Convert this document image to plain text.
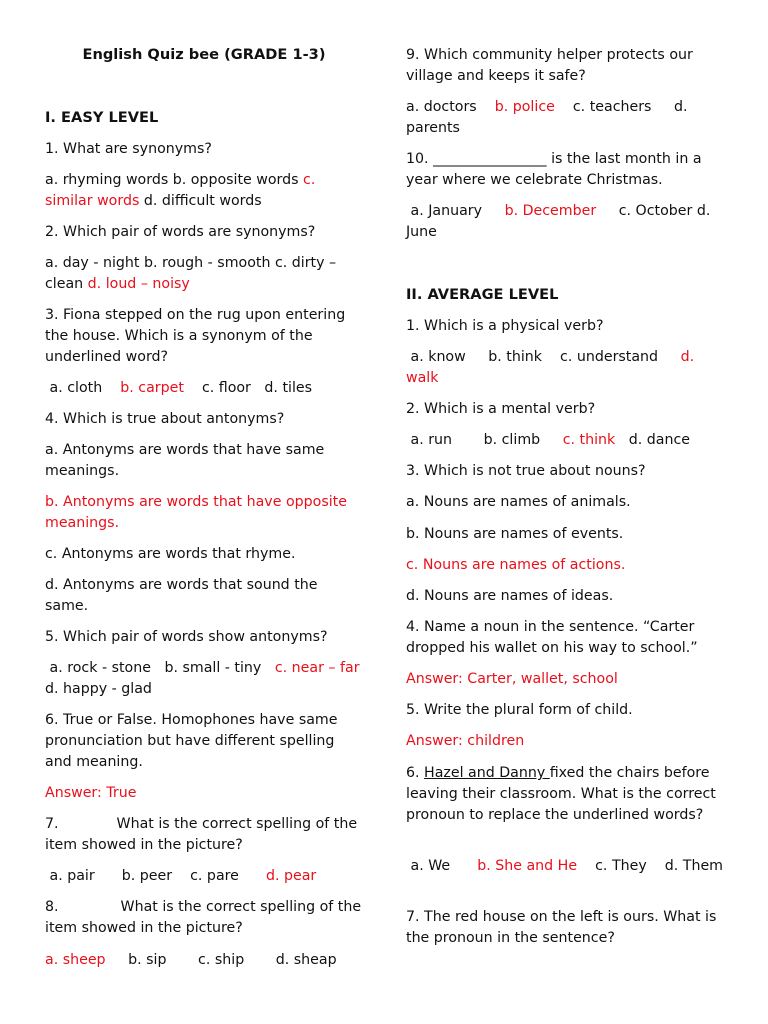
English Quiz bee (GRADE 1-3)

I. EASY LEVEL

1. What are synonyms?

a. rhyming words b. opposite words c. similar words d. difficult words

2. Which pair of words are synonyms?

a. day - night b. rough - smooth c. dirty – clean d. loud – noisy

3. Fiona stepped on the rug upon entering the house. Which is a synonym of the underlined word?

a. cloth    b. carpet    c. floor   d. tiles

4. Which is true about antonyms?

a. Antonyms are words that have same meanings.

b. Antonyms are words that have opposite meanings.

c. Antonyms are words that rhyme.

d. Antonyms are words that sound the same.

5. Which pair of words show antonyms?

a. rock - stone   b. small - tiny   c. near – far   d. happy - glad

6. True or False. Homophones have same pronunciation but have different spelling and meaning.

Answer: True

7.	What is the correct spelling of the item showed in the picture?

a. pair      b. peer    c. pare      d. pear

8.	What is the correct spelling of the item showed in the picture?

a. sheep     b. sip       c. ship       d. sheap

9. Which community helper protects our village and keeps it safe?

a. doctors    b. police    c. teachers     d. parents

10. ________________ is the last month in a year where we celebrate Christmas.

a. January     b. December     c. October d. June

II. AVERAGE LEVEL

1. Which is a physical verb?

a. know     b. think    c. understand     d. walk

2. Which is a mental verb?

a. run       b. climb     c. think   d. dance

3. Which is not true about nouns?

a. Nouns are names of animals.

b. Nouns are names of events.

c. Nouns are names of actions.

d. Nouns are names of ideas.

4. Name a noun in the sentence. “Carter dropped his wallet on his way to school.”

Answer: Carter, wallet, school

5. Write the plural form of child.

Answer: children

6. Hazel and Danny fixed the chairs before leaving their classroom. What is the correct pronoun to replace the underlined words?

a. We      b. She and He    c. They    d. Them

7. The red house on the left is ours. What is the pronoun in the sentence?
